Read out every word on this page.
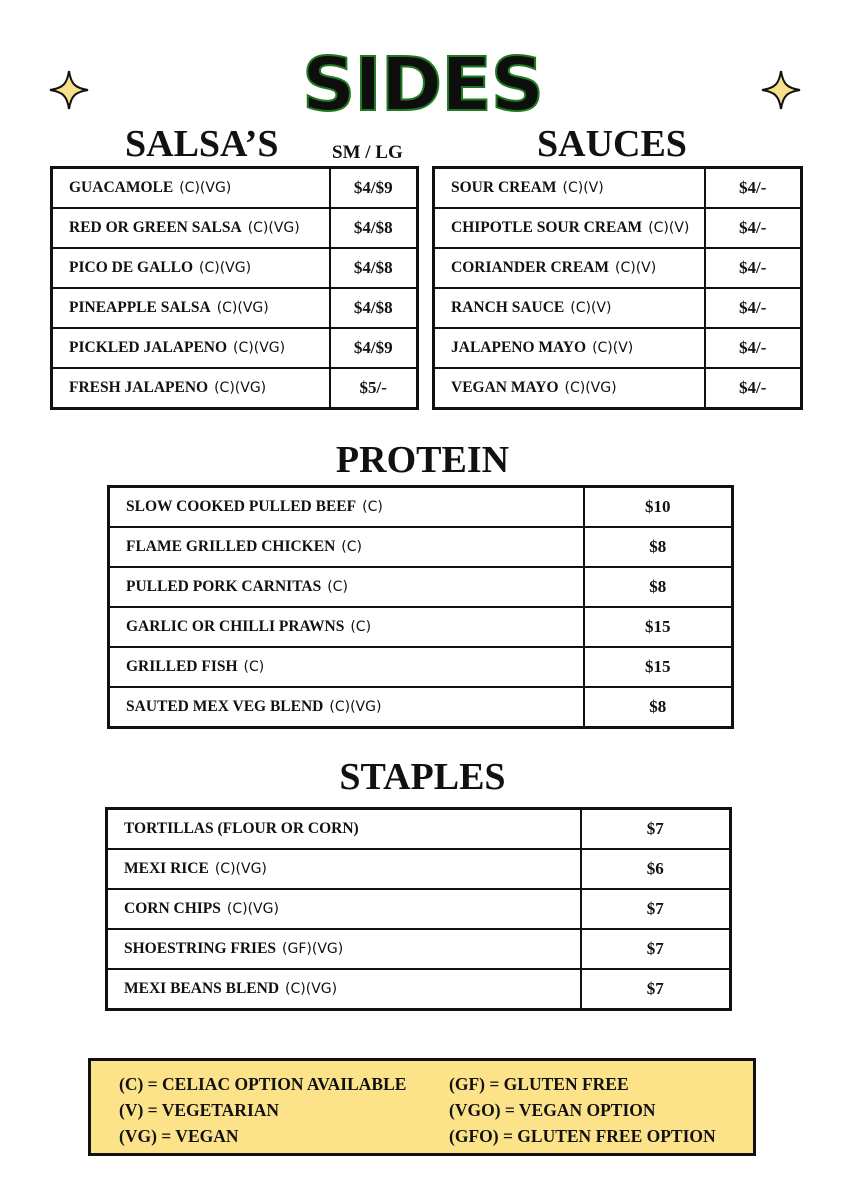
SIDES
SALSA’S	SM / LG
GUACAMOLE (C)(VG)	$4/$9
RED OR GREEN SALSA (C)(VG)	$4/$8
PICO DE GALLO (C)(VG)	$4/$8
PINEAPPLE SALSA (C)(VG)	$4/$8
PICKLED JALAPENO (C)(VG)	$4/$9
FRESH JALAPENO (C)(VG)	$5/-
SAUCES
SOUR CREAM (C)(V)	$4/-
CHIPOTLE SOUR CREAM (C)(V)	$4/-
CORIANDER CREAM (C)(V)	$4/-
RANCH SAUCE (C)(V)	$4/-
JALAPENO MAYO (C)(V)	$4/-
VEGAN MAYO (C)(VG)	$4/-
PROTEIN
SLOW COOKED PULLED BEEF (C)	$10
FLAME GRILLED CHICKEN (C)	$8
PULLED PORK CARNITAS (C)	$8
GARLIC OR CHILLI PRAWNS (C)	$15
GRILLED FISH (C)	$15
SAUTED MEX VEG BLEND (C)(VG)	$8
STAPLES
TORTILLAS (FLOUR OR CORN)	$7
MEXI RICE (C)(VG)	$6
CORN CHIPS (C)(VG)	$7
SHOESTRING FRIES (GF)(VG)	$7
MEXI BEANS BLEND (C)(VG)	$7
(C) = CELIAC OPTION AVAILABLE	(GF) = GLUTEN FREE
(V) = VEGETARIAN	(VGO) = VEGAN OPTION
(VG) = VEGAN	(GFO) = GLUTEN FREE OPTION
